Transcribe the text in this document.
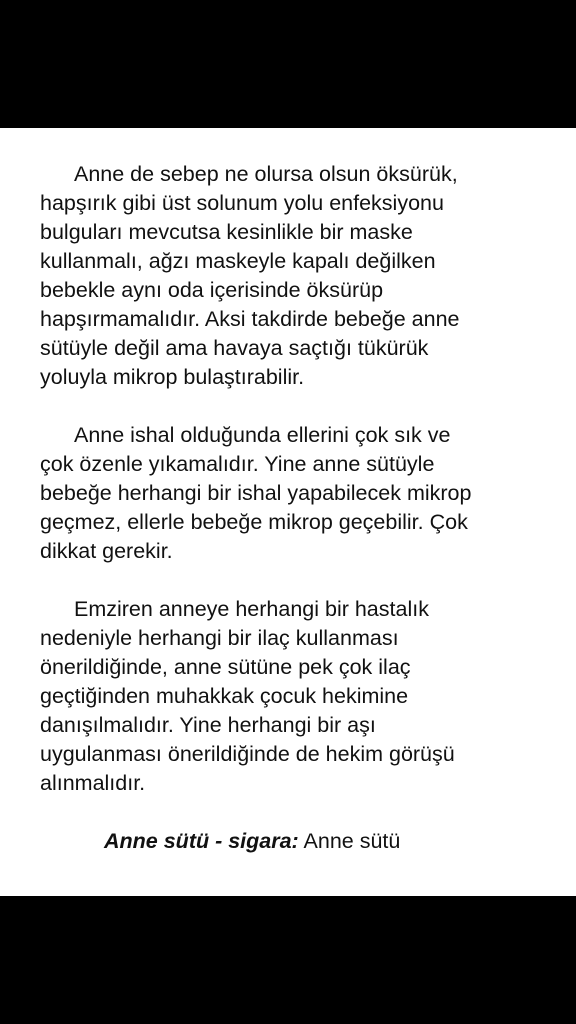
Anne de sebep ne olursa olsun öksürük,
hapşırık gibi üst solunum yolu enfeksiyonu
bulguları mevcutsa kesinlikle bir maske
kullanmalı, ağzı maskeyle kapalı değilken
bebekle aynı oda içerisinde öksürüp
hapşırmamalıdır. Aksi takdirde bebeğe anne
sütüyle değil ama havaya saçtığı tükürük
yoluyla mikrop bulaştırabilir.

Anne ishal olduğunda ellerini çok sık ve
çok özenle yıkamalıdır. Yine anne sütüyle
bebeğe herhangi bir ishal yapabilecek mikrop
geçmez, ellerle bebeğe mikrop geçebilir. Çok
dikkat gerekir.

Emziren anneye herhangi bir hastalık
nedeniyle herhangi bir ilaç kullanması
önerildiğinde, anne sütüne pek çok ilaç
geçtiğinden muhakkak çocuk hekimine
danışılmalıdır. Yine herhangi bir aşı
uygulanması önerildiğinde de hekim görüşü
alınmalıdır.

Anne sütü - sigara: Anne sütü
